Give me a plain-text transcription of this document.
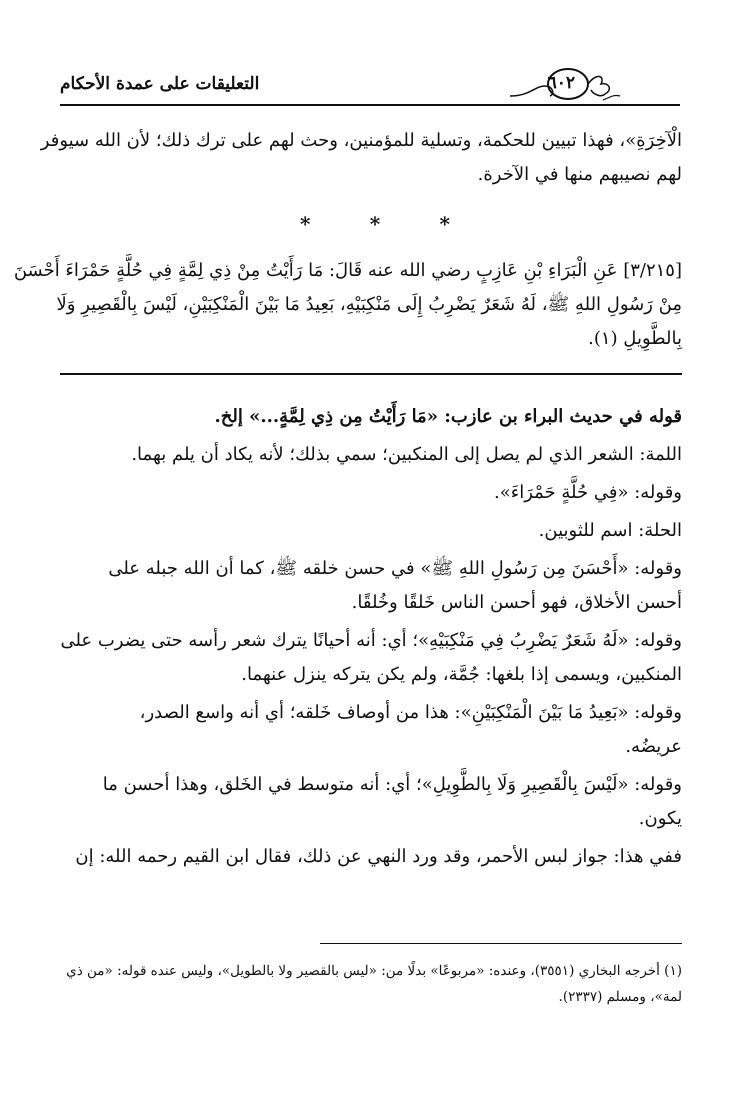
التعليقات على عمدة الأحكام	٦٠٢
الْآخِرَةِ»، فهذا تبيين للحكمة، وتسلية للمؤمنين، وحث لهم على ترك ذلك؛ لأن الله سيوفر
لهم نصيبهم منها في الآخرة.
*	*	*
[٣/٢١٥] عَنِ الْبَرَاءِ بْنِ عَازِبٍ رضي الله عنه قَالَ: مَا رَأَيْتُ مِنْ ذِي لِمَّةٍ فِي حُلَّةٍ حَمْرَاءَ أَحْسَنَ
مِنْ رَسُولِ اللهِ ﷺ، لَهُ شَعَرٌ يَضْرِبُ إِلَى مَنْكِبَيْهِ، بَعِيدُ مَا بَيْنَ الْمَنْكِبَيْنِ، لَيْسَ بِالْقَصِيرِ وَلَا
بِالطَّوِيلِ (١).
قوله في حديث البراء بن عازب: «مَا رَأَيْتُ مِن ذِي لِمَّةٍ...» إلخ.
اللمة: الشعر الذي لم يصل إلى المنكبين؛ سمي بذلك؛ لأنه يكاد أن يلم بهما.
وقوله: «فِي حُلَّةٍ حَمْرَاءَ».
الحلة: اسم للثوبين.
وقوله: «أَحْسَنَ مِن رَسُولِ اللهِ ﷺ» في حسن خلقه ﷺ، كما أن الله جبله على
أحسن الأخلاق، فهو أحسن الناس خَلقًا وخُلقًا.
وقوله: «لَهُ شَعَرٌ يَضْرِبُ فِي مَنْكِبَيْهِ»؛ أي: أنه أحيانًا يترك شعر رأسه حتى يضرب على
المنكبين، ويسمى إذا بلغها: جُمَّة، ولم يكن يتركه ينزل عنهما.
وقوله: «بَعِيدُ مَا بَيْنَ الْمَنْكِبَيْنِ»: هذا من أوصاف خَلقه؛ أي أنه واسع الصدر،
عريضُه.
وقوله: «لَيْسَ بِالْقَصِيرِ وَلَا بِالطَّوِيلِ»؛ أي: أنه متوسط في الخَلق، وهذا أحسن ما
يكون.
ففي هذا: جواز لبس الأحمر، وقد ورد النهي عن ذلك، فقال ابن القيم رحمه الله: إن
(١) أخرجه البخاري (٣٥٥١)، وعنده: «مربوعًا» بدلًا من: «ليس بالقصير ولا بالطويل»، وليس عنده قوله: «من ذي
لمة»، ومسلم (٢٣٣٧).
